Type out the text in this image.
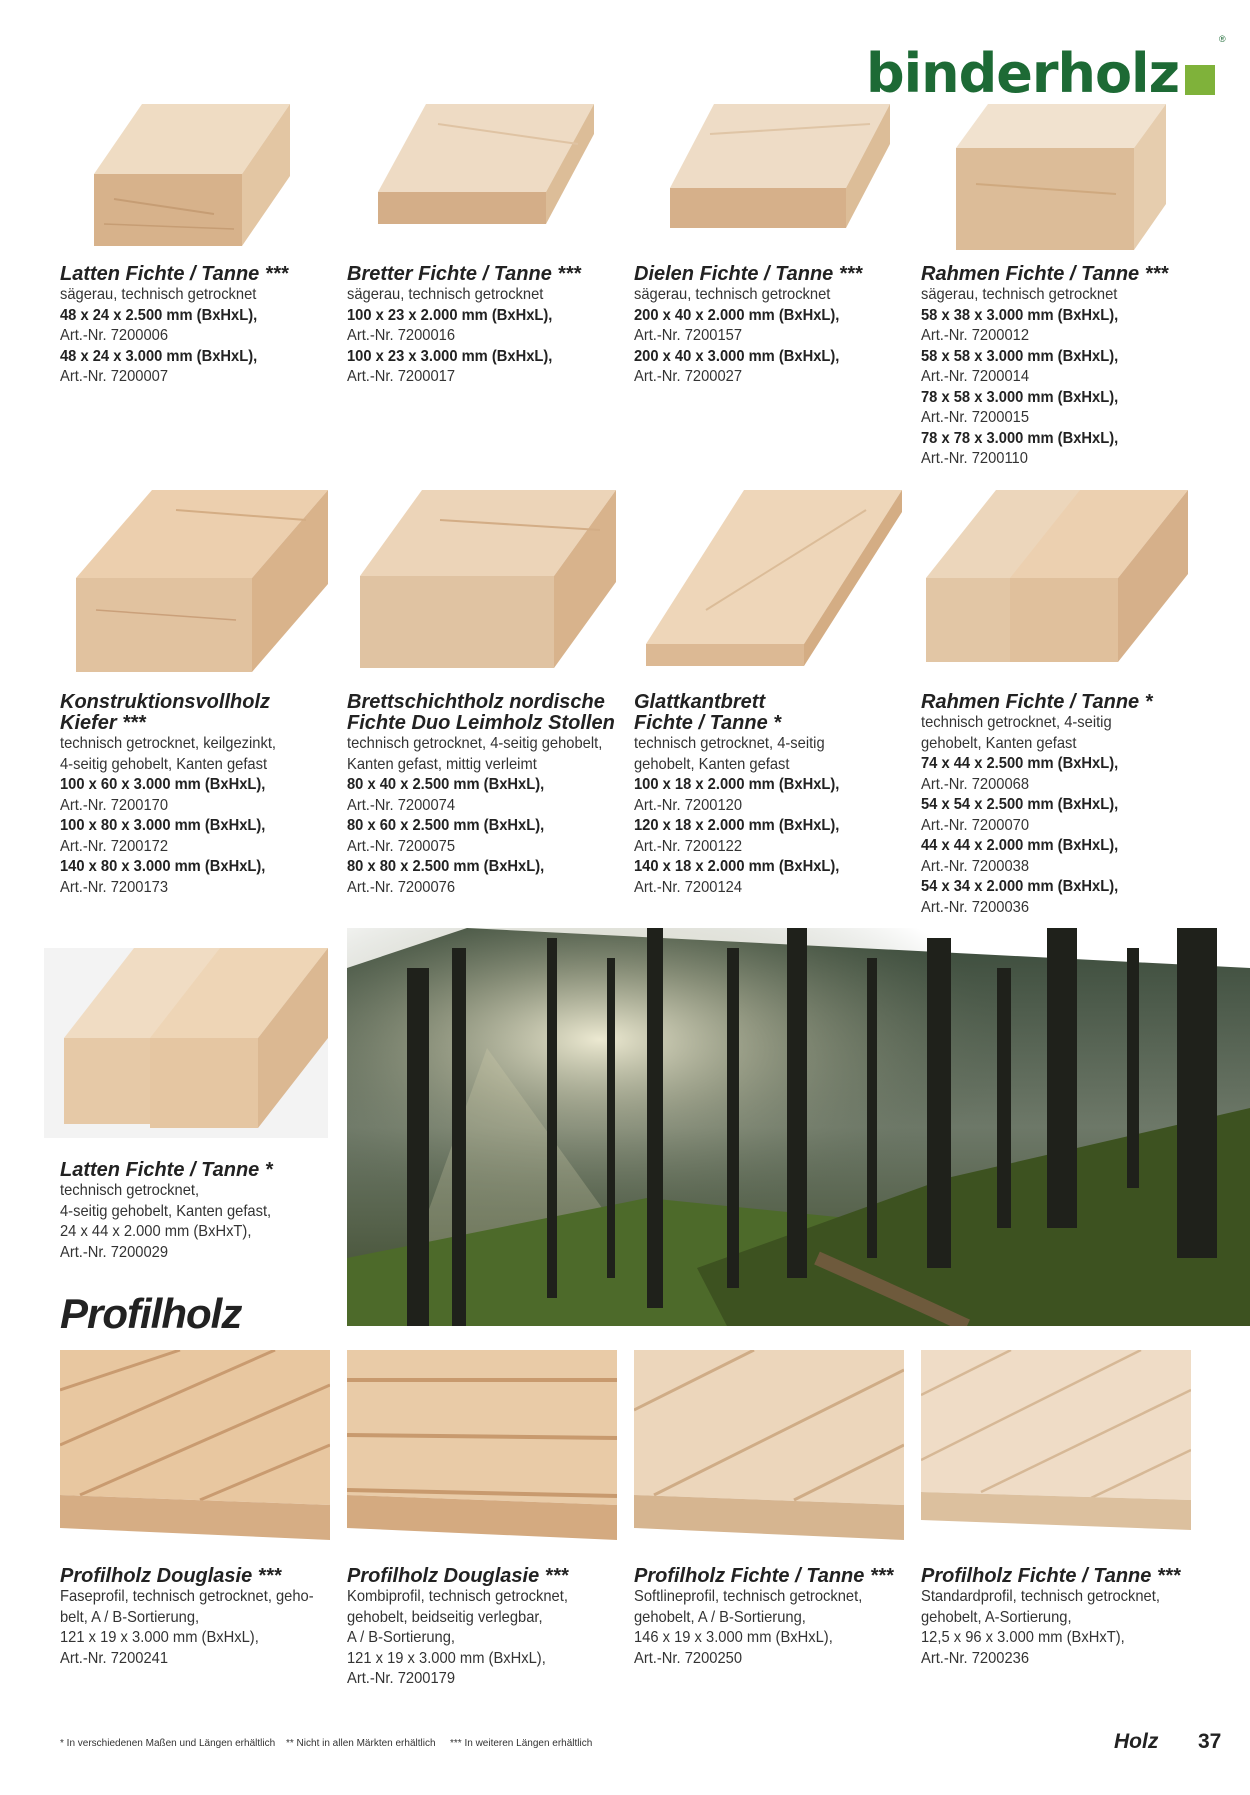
binderholz
®
Latten Fichte / Tanne ***
sägerau, technisch getrocknet
48 x 24 x 2.500 mm (BxHxL),
Art.-Nr. 7200006
48 x 24 x 3.000 mm (BxHxL),
Art.-Nr. 7200007
Bretter Fichte / Tanne ***
sägerau, technisch getrocknet
100 x 23 x 2.000 mm (BxHxL),
Art.-Nr. 7200016
100 x 23 x 3.000 mm (BxHxL),
Art.-Nr. 7200017
Dielen Fichte / Tanne ***
sägerau, technisch getrocknet
200 x 40 x 2.000 mm (BxHxL),
Art.-Nr. 7200157
200 x 40 x 3.000 mm (BxHxL),
Art.-Nr. 7200027
Rahmen Fichte / Tanne ***
sägerau, technisch getrocknet
58 x 38 x 3.000 mm (BxHxL),
Art.-Nr. 7200012
58 x 58 x 3.000 mm (BxHxL),
Art.-Nr. 7200014
78 x 58 x 3.000 mm (BxHxL),
Art.-Nr. 7200015
78 x 78 x 3.000 mm (BxHxL),
Art.-Nr. 7200110
Konstruktionsvollholz Kiefer ***
technisch getrocknet, keilgezinkt,
4-seitig gehobelt, Kanten gefast
100 x 60 x 3.000 mm (BxHxL),
Art.-Nr. 7200170
100 x 80 x 3.000 mm (BxHxL),
Art.-Nr. 7200172
140 x 80 x 3.000 mm (BxHxL),
Art.-Nr. 7200173
Brettschichtholz nordische Fichte Duo Leimholz Stollen
technisch getrocknet, 4-seitig gehobelt,
Kanten gefast, mittig verleimt
80 x 40 x 2.500 mm (BxHxL),
Art.-Nr. 7200074
80 x 60 x 2.500 mm (BxHxL),
Art.-Nr. 7200075
80 x 80 x 2.500 mm (BxHxL),
Art.-Nr. 7200076
Glattkantbrett Fichte / Tanne *
technisch getrocknet, 4-seitig
gehobelt, Kanten gefast
100 x 18 x 2.000 mm (BxHxL),
Art.-Nr. 7200120
120 x 18 x 2.000 mm (BxHxL),
Art.-Nr. 7200122
140 x 18 x 2.000 mm (BxHxL),
Art.-Nr. 7200124
Rahmen Fichte / Tanne *
technisch getrocknet, 4-seitig
gehobelt, Kanten gefast
74 x 44 x 2.500 mm (BxHxL),
Art.-Nr. 7200068
54 x 54 x 2.500 mm (BxHxL),
Art.-Nr. 7200070
44 x 44 x 2.000 mm (BxHxL),
Art.-Nr. 7200038
54 x 34 x 2.000 mm (BxHxL),
Art.-Nr. 7200036
Latten Fichte / Tanne *
technisch getrocknet,
4-seitig gehobelt, Kanten gefast,
24 x 44 x 2.000 mm (BxHxT),
Art.-Nr. 7200029
Profilholz
Profilholz Douglasie ***
Faseprofil, technisch getrocknet, geho-
belt, A / B-Sortierung,
121 x 19 x 3.000 mm (BxHxL),
Art.-Nr. 7200241
Profilholz Douglasie ***
Kombiprofil, technisch getrocknet,
gehobelt, beidseitig verlegbar,
A / B-Sortierung,
121 x 19 x 3.000 mm (BxHxL),
Art.-Nr. 7200179
Profilholz Fichte / Tanne ***
Softlineprofil, technisch getrocknet,
gehobelt, A / B-Sortierung,
146 x 19 x 3.000 mm (BxHxL),
Art.-Nr. 7200250
Profilholz Fichte / Tanne ***
Standardprofil, technisch getrocknet,
gehobelt, A-Sortierung,
12,5 x 96 x 3.000 mm (BxHxT),
Art.-Nr. 7200236
* In verschiedenen Maßen und Längen erhältlich ** Nicht in allen Märkten erhältlich *** In weiteren Längen erhältlich	Holz 37
